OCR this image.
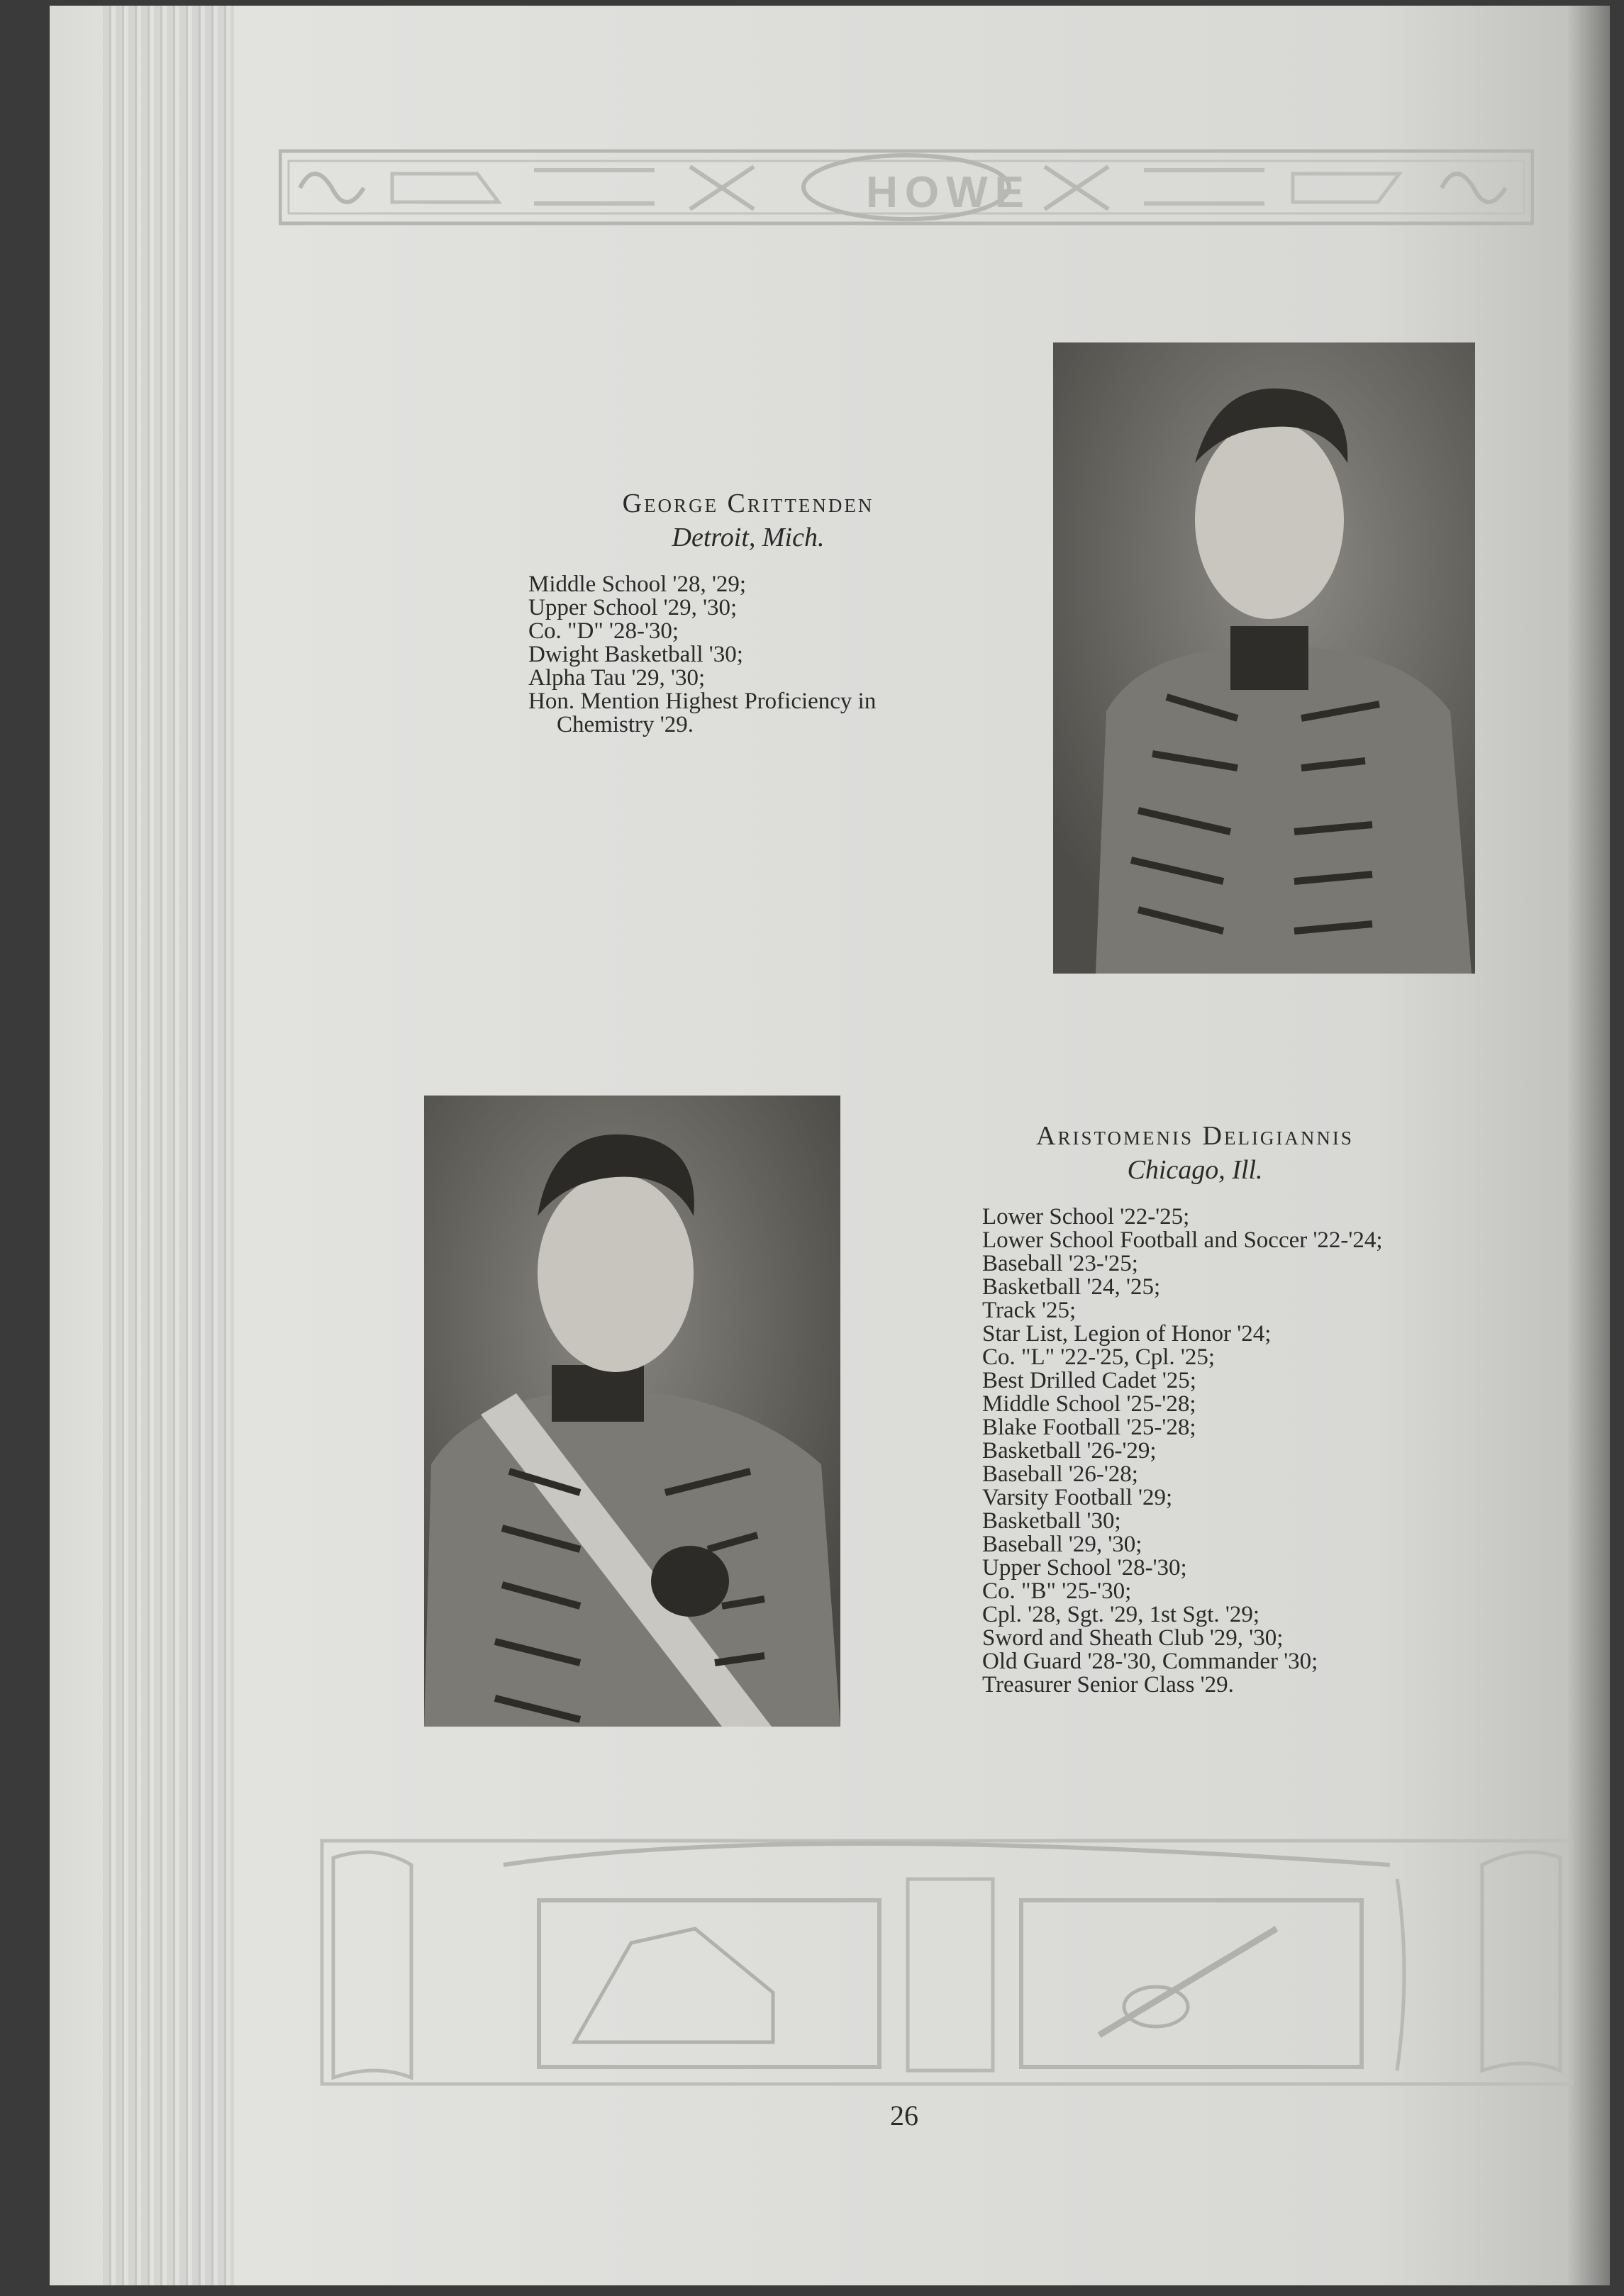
HOWE
George Crittenden
Detroit, Mich.
Middle School '28, '29;
Upper School '29, '30;
Co. "D" '28-'30;
Dwight Basketball '30;
Alpha Tau '29, '30;
Hon. Mention Highest Proficiency in Chemistry '29.
Aristomenis Deligiannis
Chicago, Ill.
Lower School '22-'25;
Lower School Football and Soccer '22-'24;
Baseball '23-'25;
Basketball '24, '25;
Track '25;
Star List, Legion of Honor '24;
Co. "L" '22-'25, Cpl. '25;
Best Drilled Cadet '25;
Middle School '25-'28;
Blake Football '25-'28;
Basketball '26-'29;
Baseball '26-'28;
Varsity Football '29;
Basketball '30;
Baseball '29, '30;
Upper School '28-'30;
Co. "B" '25-'30;
Cpl. '28, Sgt. '29, 1st Sgt. '29;
Sword and Sheath Club '29, '30;
Old Guard '28-'30, Commander '30;
Treasurer Senior Class '29.
26
